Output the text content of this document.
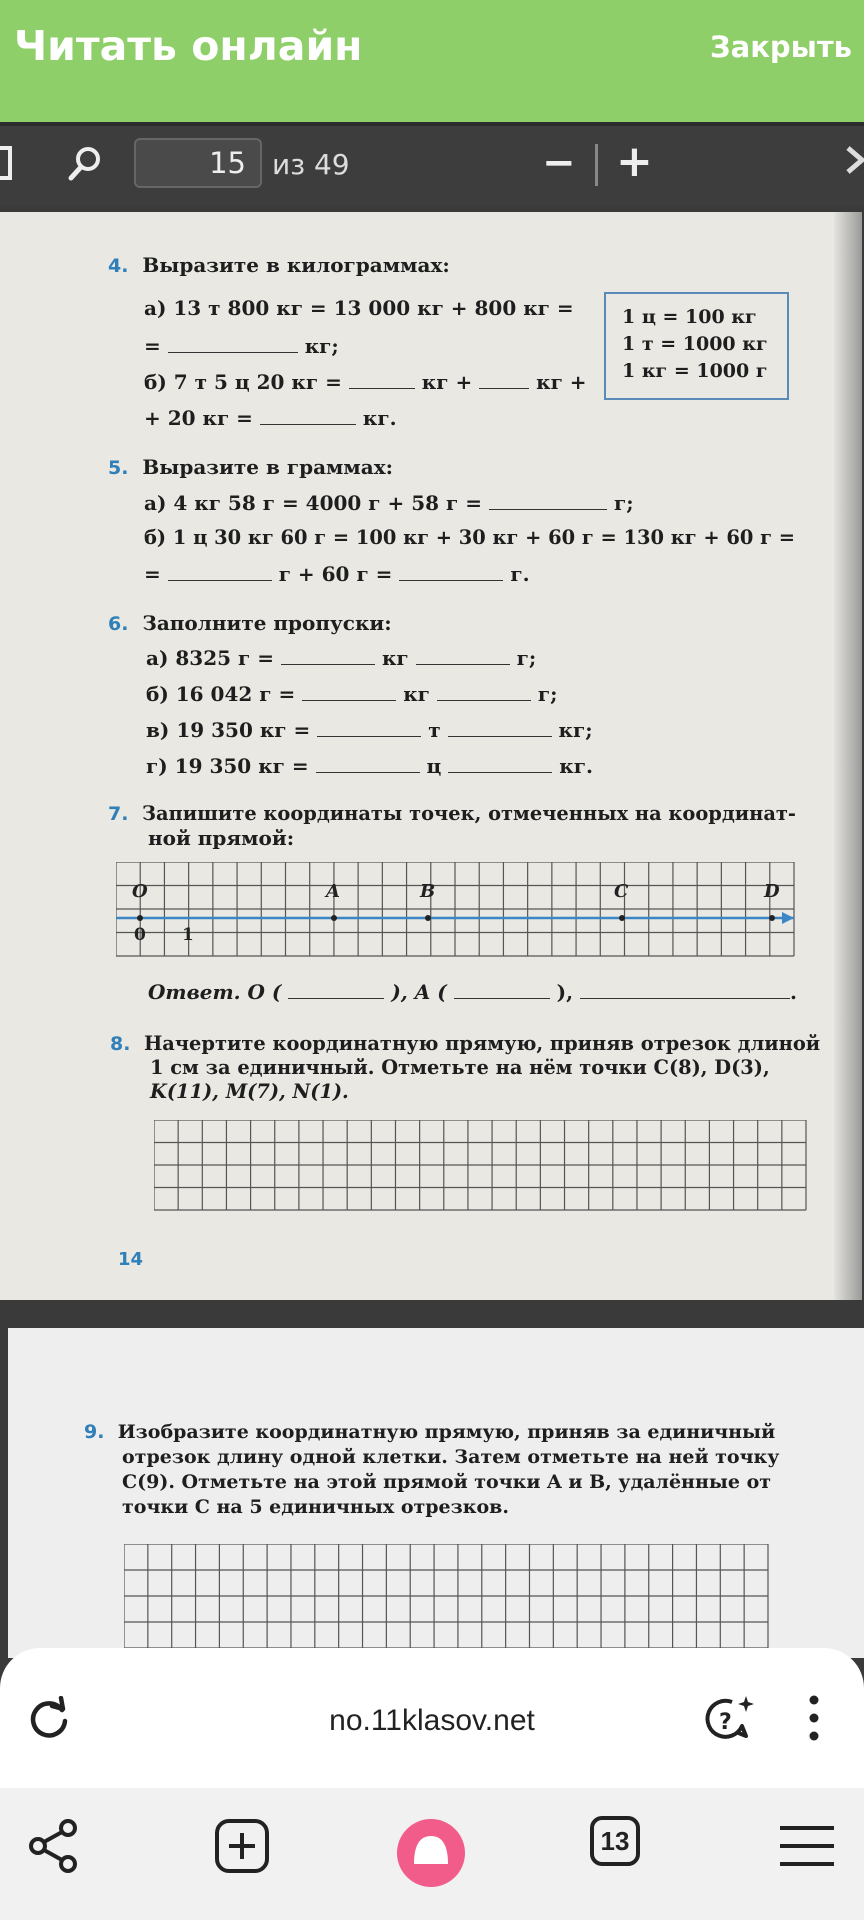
Читать онлайн	Закрыть
15 из 49	− +
4. Выразите в килограммах:
а) 13 т 800 кг = 13 000 кг + 800 кг =
=	кг;
б) 7 т 5 ц 20 кг =	кг +	кг +
+ 20 кг =	кг.
1 ц = 100 кг
1 т = 1000 кг
1 кг = 1000 г
5. Выразите в граммах:
а) 4 кг 58 г = 4000 г + 58 г =	г;
б) 1 ц 30 кг 60 г = 100 кг + 30 кг + 60 г = 130 кг + 60 г =
=	г + 60 г =	г.
6. Заполните пропуски:
а) 8325 г =	кг	г;
б) 16 042 г =	кг	г;
в) 19 350 кг =	т	кг;
г) 19 350 кг =	ц	кг.
7. Запишите координаты точек, отмеченных на координат-
ной прямой:
O	A	B	C	D
0 1
Ответ. O (	), A (	),	.
8. Начертите координатную прямую, приняв отрезок длиной
1 см за единичный. Отметьте на нём точки C(8), D(3),
K(11), M(7), N(1).
14
9. Изобразите координатную прямую, приняв за единичный
отрезок длину одной клетки. Затем отметьте на ней точку
C(9). Отметьте на этой прямой точки A и B, удалённые от
точки C на 5 единичных отрезков.
no.11klasov.net	?
13
